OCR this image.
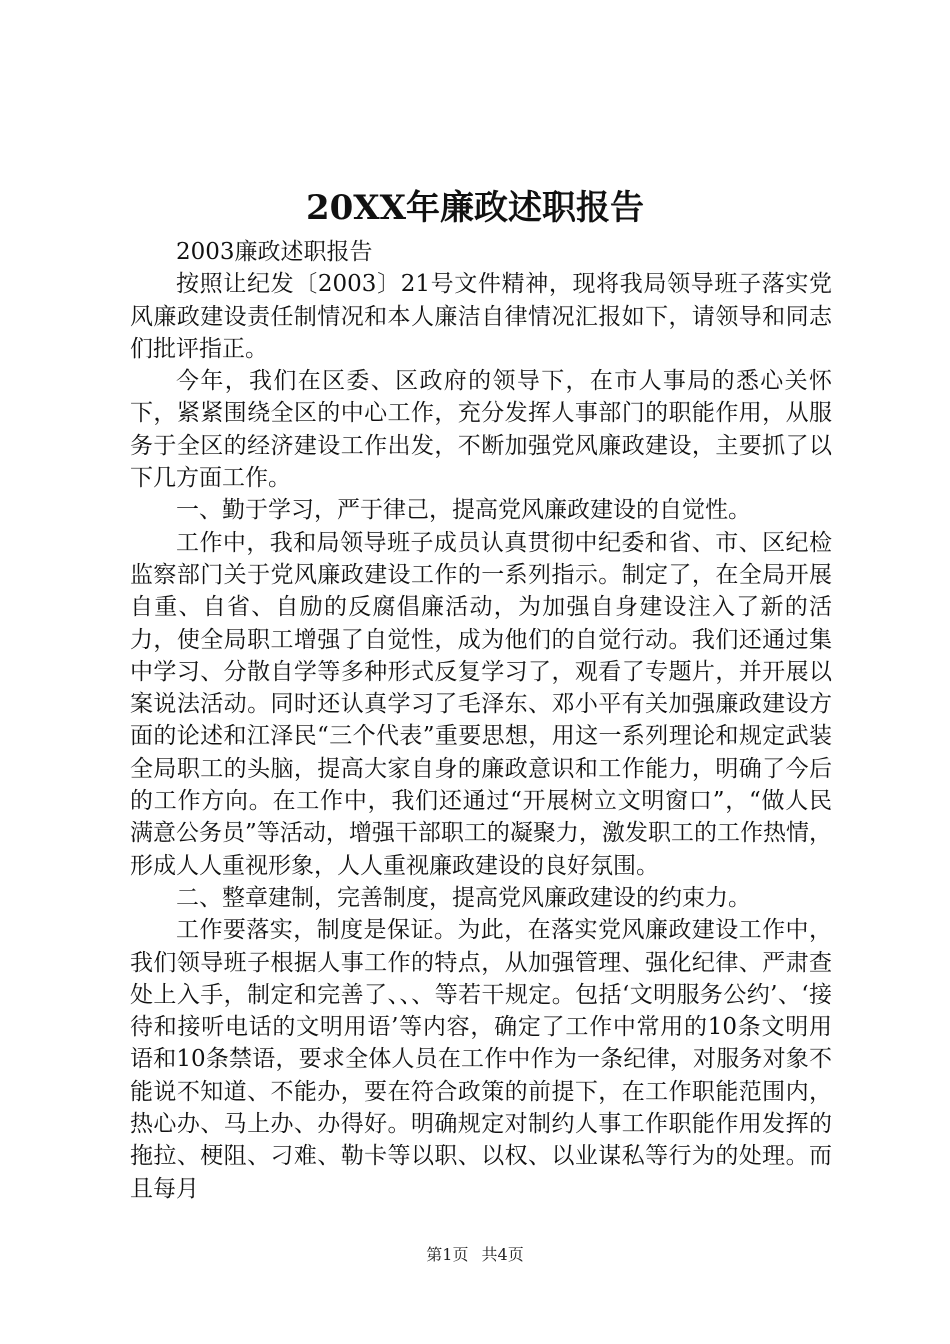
20XX年廉政述职报告

2003廉政述职报告

按照让纪发〔2003〕21号文件精神，现将我局领导班子落实党风廉政建设责任制情况和本人廉洁自律情况汇报如下，请领导和同志们批评指正。

今年，我们在区委、区政府的领导下，在市人事局的悉心关怀下，紧紧围绕全区的中心工作，充分发挥人事部门的职能作用，从服务于全区的经济建设工作出发，不断加强党风廉政建设，主要抓了以下几方面工作。

一、勤于学习，严于律己，提高党风廉政建设的自觉性。

工作中，我和局领导班子成员认真贯彻中纪委和省、市、区纪检监察部门关于党风廉政建设工作的一系列指示。制定了，在全局开展自重、自省、自励的反腐倡廉活动，为加强自身建设注入了新的活力，使全局职工增强了自觉性，成为他们的自觉行动。我们还通过集中学习、分散自学等多种形式反复学习了，观看了专题片，并开展以案说法活动。同时还认真学习了毛泽东、邓小平有关加强廉政建设方面的论述和江泽民“三个代表”重要思想，用这一系列理论和规定武装全局职工的头脑，提高大家自身的廉政意识和工作能力，明确了今后的工作方向。在工作中，我们还通过“开展树立文明窗口”，“做人民满意公务员”等活动，增强干部职工的凝聚力，激发职工的工作热情，形成人人重视形象，人人重视廉政建设的良好氛围。

二、整章建制，完善制度，提高党风廉政建设的约束力。

工作要落实，制度是保证。为此，在落实党风廉政建设工作中，我们领导班子根据人事工作的特点，从加强管理、强化纪律、严肃查处上入手，制定和完善了、、、等若干规定。包括‘文明服务公约’、‘接待和接听电话的文明用语’等内容，确定了工作中常用的10条文明用语和10条禁语，要求全体人员在工作中作为一条纪律，对服务对象不能说不知道、不能办，要在符合政策的前提下，在工作职能范围内，热心办、马上办、办得好。明确规定对制约人事工作职能作用发挥的拖拉、梗阻、刁难、勒卡等以职、以权、以业谋私等行为的处理。而且每月

第1页 共4页
